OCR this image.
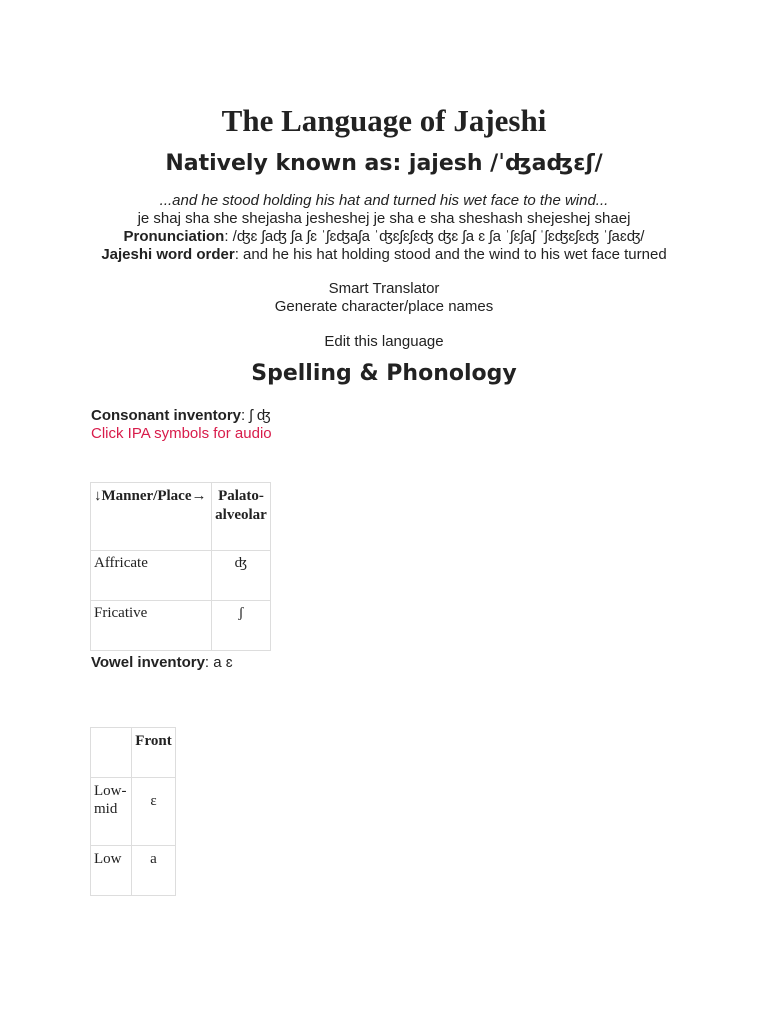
The Language of Jajeshi
Natively known as: jajesh /ˈʤaʤɛʃ/
...and he stood holding his hat and turned his wet face to the wind...
je shaj sha she shejasha jesheshej je sha e sha sheshash shejeshej shaej
Pronunciation: /ʤɛ ʃaʤ ʃa ʃɛ ˈʃɛʤaʃa ˈʤɛʃɛʃɛʤ ʤɛ ʃa ɛ ʃa ˈʃɛʃaʃ ˈʃɛʤɛʃɛʤ ˈʃaɛʤ/
Jajeshi word order: and he his hat holding stood and the wind to his wet face turned
Smart Translator
Generate character/place names
Edit this language
Spelling & Phonology
Consonant inventory: ʃ ʤ
Click IPA symbols for audio
↓Manner/Place→	Palato-alveolar
Affricate	ʤ
Fricative	ʃ
Vowel inventory: a ɛ
	Front
Low-mid	ɛ
Low	a
